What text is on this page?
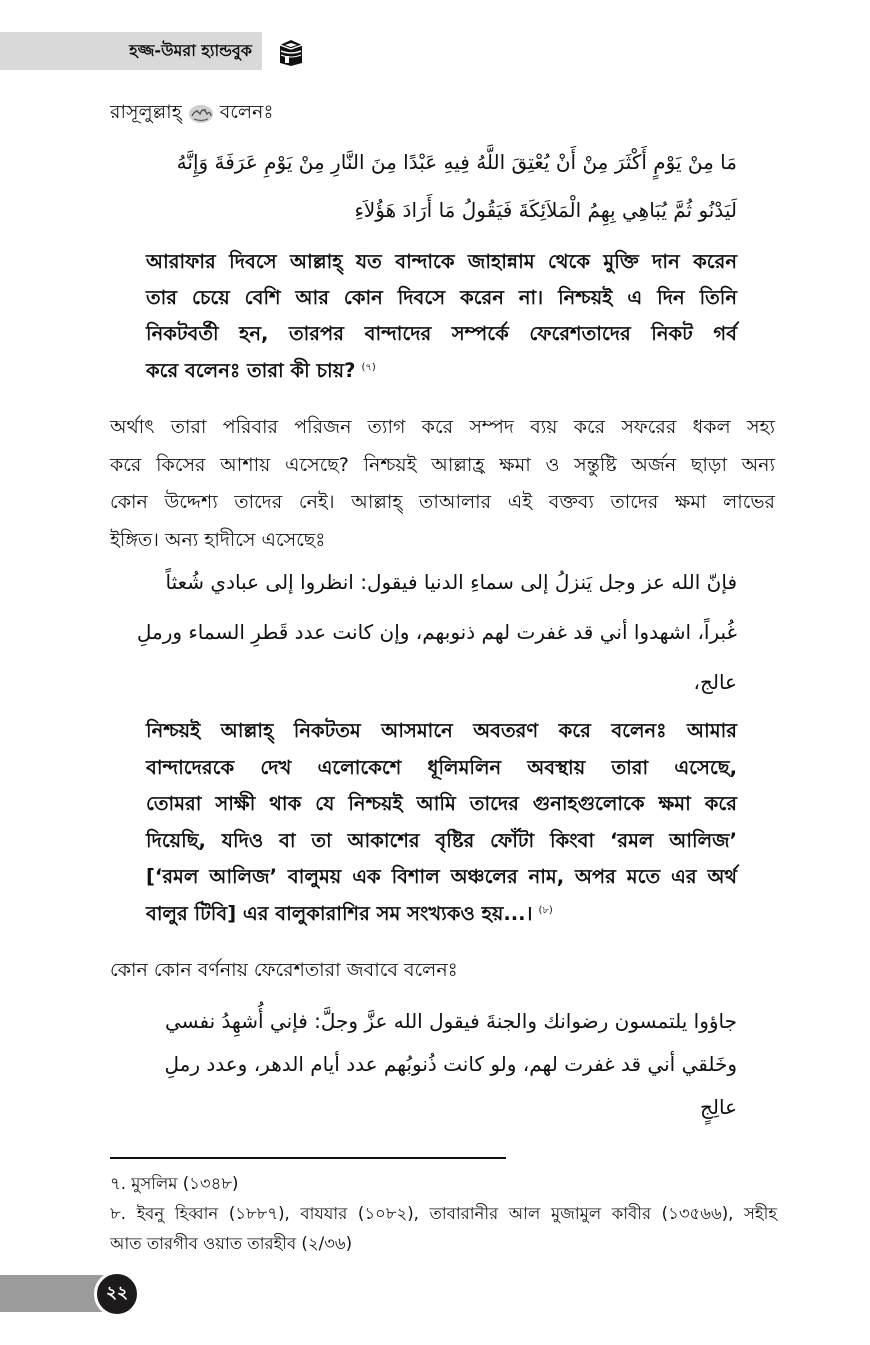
হজ্জ-উমরা হ্যান্ডবুক
রাসূলুল্লাহ্ বলেনঃ
مَا مِنْ يَوْمٍ أَكْثَرَ مِنْ أَنْ يُعْتِقَ اللَّهُ فِيهِ عَبْدًا مِنَ النَّارِ مِنْ يَوْمِ عَرَفَةَ وَإِنَّهُ
لَيَدْنُو ثُمَّ يُبَاهِي بِهِمُ الْمَلاَئِكَةَ فَيَقُولُ مَا أَرَادَ هَؤُلاَءِ
আরাফার দিবসে আল্লাহ্ যত বান্দাকে জাহান্নাম থেকে মুক্তি দান করেন
তার চেয়ে বেশি আর কোন দিবসে করেন না। নিশ্চয়ই এ দিন তিনি
নিকটবর্তী হন, তারপর বান্দাদের সম্পর্কে ফেরেশতাদের নিকট গর্ব
করে বলেনঃ তারা কী চায়? $^{(৭)}$
অর্থাৎ তারা পরিবার পরিজন ত্যাগ করে সম্পদ ব্যয় করে সফরের ধকল সহ্য
করে কিসের আশায় এসেছে? নিশ্চয়ই আল্লাহ্র ক্ষমা ও সন্তুষ্টি অর্জন ছাড়া অন্য
কোন উদ্দেশ্য তাদের নেই। আল্লাহ্ তাআলার এই বক্তব্য তাদের ক্ষমা লাভের
ইঙ্গিত। অন্য হাদীসে এসেছেঃ
فإنّ الله عز وجل يَنزلُ إلى سماءِ الدنيا فيقول: انظروا إلى عبادي شُعثاً
غُبراً، اشهدوا أني قد غفرت لهم ذنوبهم، وإن كانت عدد قَطرِ السماء ورملِ
عالج،
নিশ্চয়ই আল্লাহ্ নিকটতম আসমানে অবতরণ করে বলেনঃ আমার
বান্দাদেরকে দেখ এলোকেশে ধূলিমলিন অবস্থায় তারা এসেছে,
তোমরা সাক্ষী থাক যে নিশ্চয়ই আমি তাদের গুনাহগুলোকে ক্ষমা করে
দিয়েছি, যদিও বা তা আকাশের বৃষ্টির ফোঁটা কিংবা ‘রমল আলিজ’
[‘রমল আলিজ’ বালুময় এক বিশাল অঞ্চলের নাম, অপর মতে এর অর্থ
বালুর টিবি] এর বালুকারাশির সম সংখ্যকও হয়...। $^{(৮)}$
কোন কোন বর্ণনায় ফেরেশতারা জবাবে বলেনঃ
جاؤوا يلتمسون رضوانك والجنةَ فيقول الله عزَّ وجلَّ: فإني أُشهِدُ نفسي
وخَلقي أني قد غفرت لهم، ولو كانت ذُنوبُهم عدد أيام الدهر، وعدد رملِ
عالِجٍ
৭. মুসলিম (১৩৪৮)
৮. ইবনু হিব্বান (১৮৮৭), বাযযার (১০৮২), তাবারানীর আল মুজামুল কাবীর (১৩৫৬৬), সহীহ
আত তারগীব ওয়াত তারহীব (২/৩৬)
২২
